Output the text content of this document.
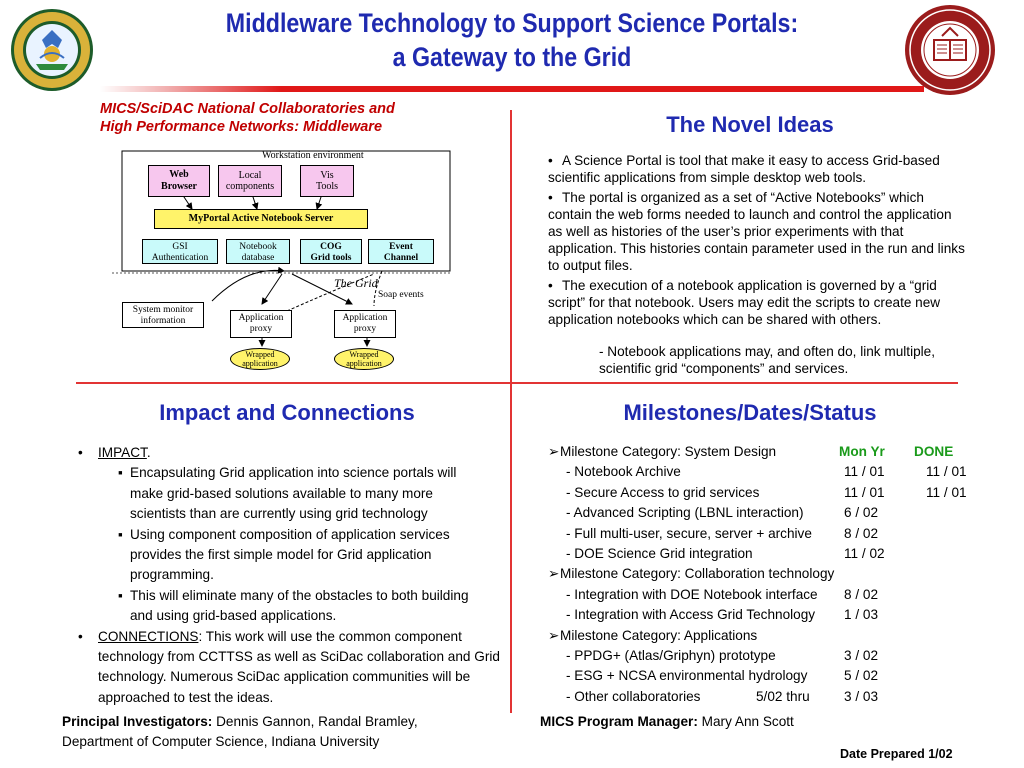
Middleware Technology to Support Science Portals:
a Gateway to the Grid
MICS/SciDAC National Collaboratories and
High Performance Networks: Middleware
Workstation environment
Web
Browser
Local
components
Vis
Tools
MyPortal Active Notebook Server
GSI
Authentication
Notebook
database
COG
Grid tools
Event
Channel
The Grid
Soap events
System monitor
information	Application
proxy
Application
proxy
Wrapped
application
Wrapped
application
The Novel Ideas

• A Science Portal is tool that make it easy to access Grid-based scientific applications from simple desktop web tools.

• The portal is organized as a set of “Active Notebooks” which contain the web forms needed to launch and control the application as well as histories of the user’s prior experiments with that application. This histories contain parameter used in the run and links to output files.

• The execution of a notebook application is governed by a “grid script” for that notebook. Users may edit the scripts to create new application notebooks which can be shared with others.

- Notebook applications may, and often do, link multiple, scientific grid “components” and services.
Impact and Connections
• IMPACT.
▪ Encapsulating Grid application into science portals will make grid-based solutions available to many more scientists than are currently using grid technology
▪ Using component composition of application services provides the first simple model for Grid application programming.
▪ This will eliminate many of the obstacles to both building and using grid-based applications.
• CONNECTIONS: This work will use the common component technology from CCTTSS as well as SciDac collaboration and Grid technology. Numerous SciDac application communities will be approached to test the ideas.
Milestones/Dates/Status
➢ Milestone Category: System Design	Mon Yr DONE
- Notebook Archive	11 / 01	11 / 01
- Secure Access to grid services	11 / 01	11 / 01
- Advanced Scripting (LBNL interaction)	6 / 02
- Full multi-user, secure, server + archive 8 / 02
- DOE Science Grid integration	11 / 02
➢ Milestone Category: Collaboration technology
- Integration with DOE Notebook interface 8 / 02
- Integration with Access Grid Technology 1 / 03
➢ Milestone Category: Applications
- PPDG+ (Atlas/Griphyn) prototype	3 / 02
- ESG + NCSA environmental hydrology	5 / 02
- Other collaboratories	5/02 thru	3 / 03
Principal Investigators: Dennis Gannon, Randal Bramley,
Department of Computer Science, Indiana University
MICS Program Manager: Mary Ann Scott
Date Prepared 1/02
